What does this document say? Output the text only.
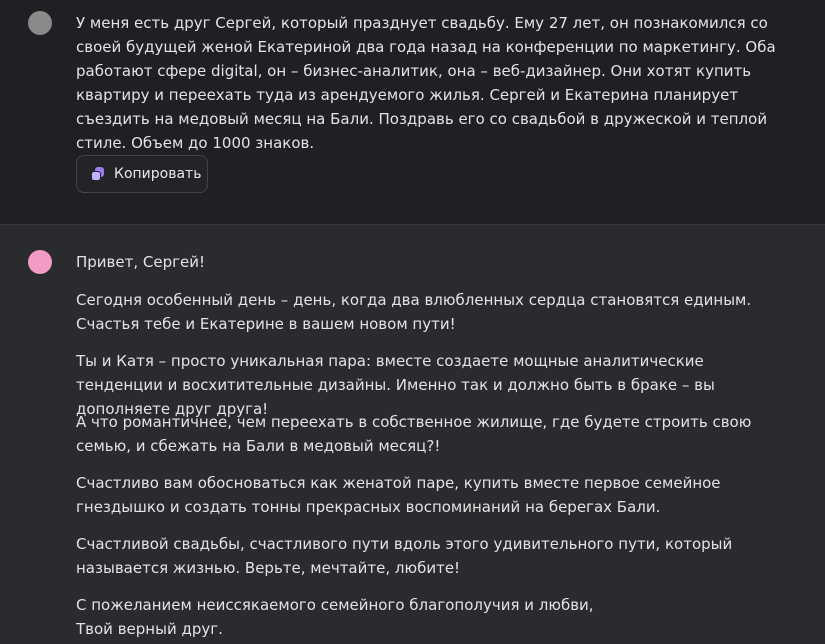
У меня есть друг Сергей, который празднует свадьбу. Ему 27 лет, он познакомился со своей будущей женой Екатериной два года назад на конференции по маркетингу. Оба работают сфере digital, он – бизнес-аналитик, она – веб-дизайнер. Они хотят купить квартиру и переехать туда из арендуемого жилья. Сергей и Екатерина планирует съездить на медовый месяц на Бали. Поздравь его со свадьбой в дружеской и теплой стиле. Объем до 1000 знаков.

Копировать

Привет, Сергей!

Сегодня особенный день – день, когда два влюбленных сердца становятся единым. Счастья тебе и Екатерине в вашем новом пути!

Ты и Катя – просто уникальная пара: вместе создаете мощные аналитические тенденции и восхитительные дизайны. Именно так и должно быть в браке – вы дополняете друг друга!

А что романтичнее, чем переехать в собственное жилище, где будете строить свою семью, и сбежать на Бали в медовый месяц?!

Счастливо вам обосноваться как женатой паре, купить вместе первое семейное гнездышко и создать тонны прекрасных воспоминаний на берегах Бали.

Счастливой свадьбы, счастливого пути вдоль этого удивительного пути, который называется жизнью. Верьте, мечтайте, любите!

С пожеланием неиссякаемого семейного благополучия и любви,
Твой верный друг.
